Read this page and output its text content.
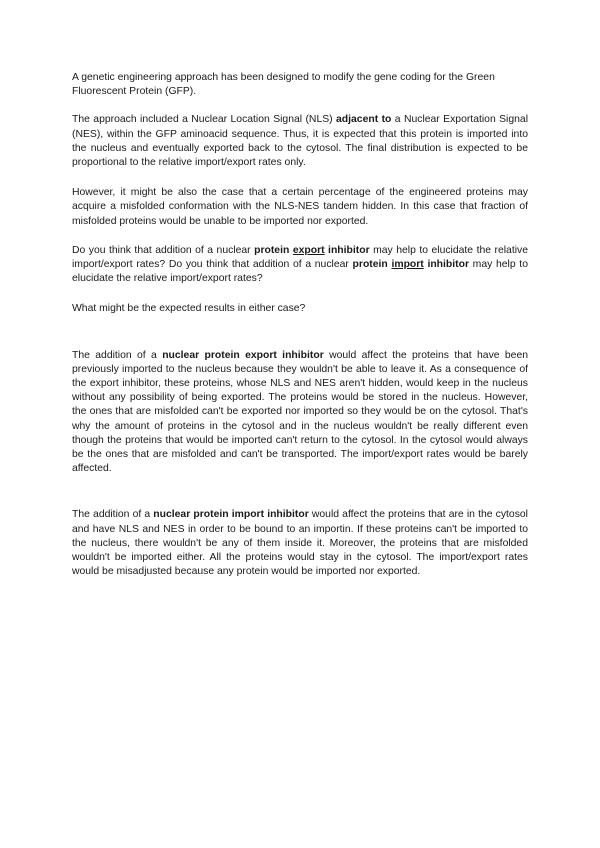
A genetic engineering approach has been designed to modify the gene coding for the Green Fluorescent Protein (GFP).

The approach included a Nuclear Location Signal (NLS) adjacent to a Nuclear Exportation Signal (NES), within the GFP aminoacid sequence. Thus, it is expected that this protein is imported into the nucleus and eventually exported back to the cytosol. The final distribution is expected to be proportional to the relative import/export rates only.

However, it might be also the case that a certain percentage of the engineered proteins may acquire a misfolded conformation with the NLS-NES tandem hidden. In this case that fraction of misfolded proteins would be unable to be imported nor exported.

Do you think that addition of a nuclear protein export inhibitor may help to elucidate the relative import/export rates? Do you think that addition of a nuclear protein import inhibitor may help to elucidate the relative import/export rates?

What might be the expected results in either case?

The addition of a nuclear protein export inhibitor would affect the proteins that have been previously imported to the nucleus because they wouldn't be able to leave it. As a consequence of the export inhibitor, these proteins, whose NLS and NES aren't hidden, would keep in the nucleus without any possibility of being exported. The proteins would be stored in the nucleus. However, the ones that are misfolded can't be exported nor imported so they would be on the cytosol. That's why the amount of proteins in the cytosol and in the nucleus wouldn't be really different even though the proteins that would be imported can't return to the cytosol. In the cytosol would always be the ones that are misfolded and can't be transported. The import/export rates would be barely affected.

The addition of a nuclear protein import inhibitor would affect the proteins that are in the cytosol and have NLS and NES in order to be bound to an importin. If these proteins can't be imported to the nucleus, there wouldn't be any of them inside it. Moreover, the proteins that are misfolded wouldn't be imported either. All the proteins would stay in the cytosol. The import/export rates would be misadjusted because any protein would be imported nor exported.
